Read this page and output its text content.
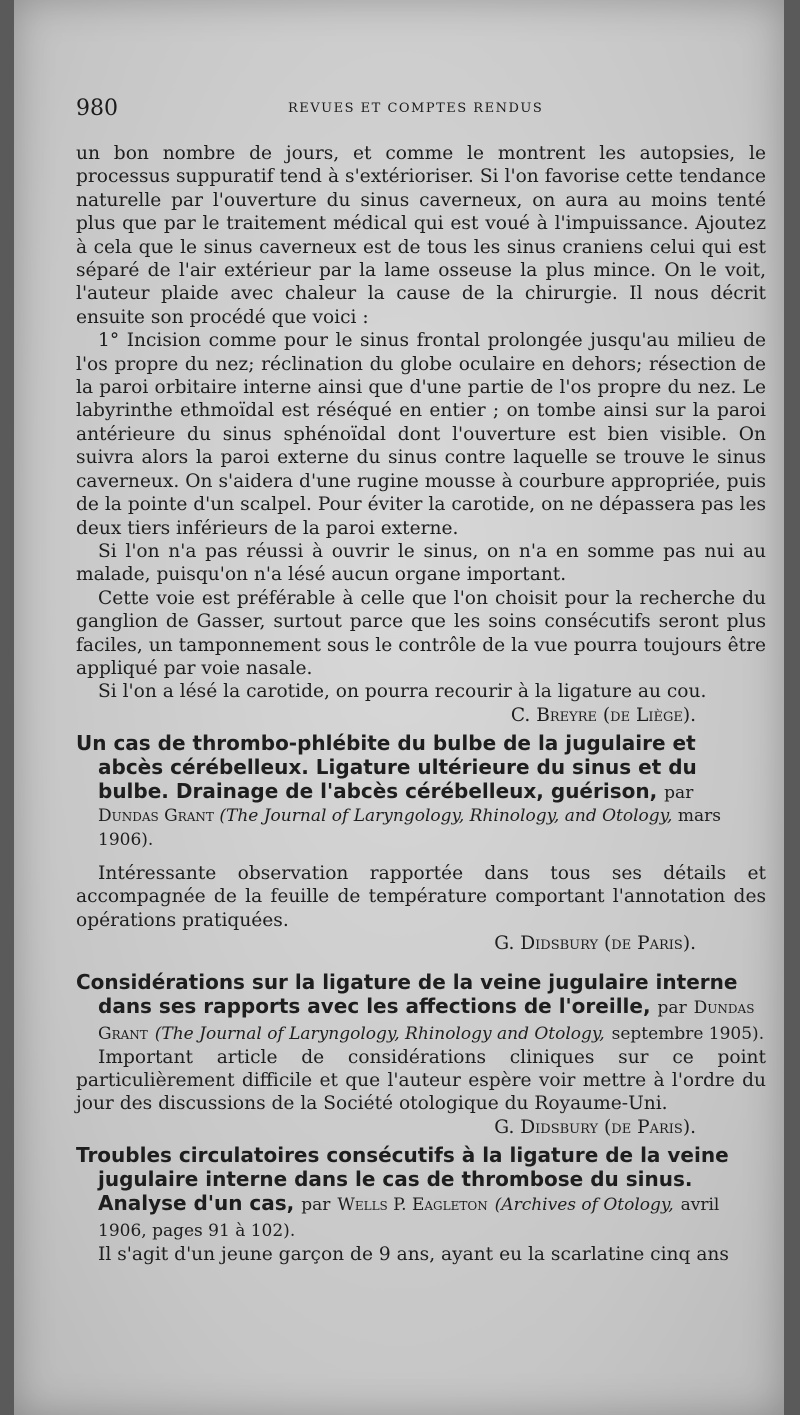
980	REVUES ET COMPTES RENDUS

un bon nombre de jours, et comme le montrent les autopsies, le processus suppuratif tend à s'extérioriser. Si l'on favorise cette tendance naturelle par l'ouverture du sinus caverneux, on aura au moins tenté plus que par le traitement médical qui est voué à l'impuissance. Ajoutez à cela que le sinus caverneux est de tous les sinus craniens celui qui est séparé de l'air extérieur par la lame osseuse la plus mince. On le voit, l'auteur plaide avec chaleur la cause de la chirurgie. Il nous décrit ensuite son procédé que voici :

1° Incision comme pour le sinus frontal prolongée jusqu'au milieu de l'os propre du nez; réclination du globe oculaire en dehors; résection de la paroi orbitaire interne ainsi que d'une partie de l'os propre du nez. Le labyrinthe ethmoïdal est réséqué en entier ; on tombe ainsi sur la paroi antérieure du sinus sphénoïdal dont l'ouverture est bien visible. On suivra alors la paroi externe du sinus contre laquelle se trouve le sinus caverneux. On s'aidera d'une rugine mousse à courbure appropriée, puis de la pointe d'un scalpel. Pour éviter la carotide, on ne dépassera pas les deux tiers inférieurs de la paroi externe.

Si l'on n'a pas réussi à ouvrir le sinus, on n'a en somme pas nui au malade, puisqu'on n'a lésé aucun organe important.

Cette voie est préférable à celle que l'on choisit pour la recherche du ganglion de Gasser, surtout parce que les soins consécutifs seront plus faciles, un tamponnement sous le contrôle de la vue pourra toujours être appliqué par voie nasale.

Si l'on a lésé la carotide, on pourra recourir à la ligature au cou.

C. Breyre (de Liège).

Un cas de thrombo-phlébite du bulbe de la jugulaire et abcès cérébelleux. Ligature ultérieure du sinus et du bulbe. Drainage de l'abcès cérébelleux, guérison, par

Dundas Grant (The Journal of Laryngology, Rhinology, and Otology, mars 1906).

Intéressante observation rapportée dans tous ses détails et accompagnée de la feuille de température comportant l'annotation des opérations pratiquées.

G. Didsbury (de Paris).

Considérations sur la ligature de la veine jugulaire interne dans ses rapports avec les affections de l'oreille, par Dundas Grant (The Journal of Laryngology, Rhinology and Otology, septembre 1905).

Important article de considérations cliniques sur ce point particulièrement difficile et que l'auteur espère voir mettre à l'ordre du jour des discussions de la Société otologique du Royaume-Uni.

G. Didsbury (de Paris).

Troubles circulatoires consécutifs à la ligature de la veine jugulaire interne dans le cas de thrombose du sinus. Analyse d'un cas, par Wells P. Eagleton (Archives of Otology, avril 1906, pages 91 à 102).

Il s'agit d'un jeune garçon de 9 ans, ayant eu la scarlatine cinq ans
